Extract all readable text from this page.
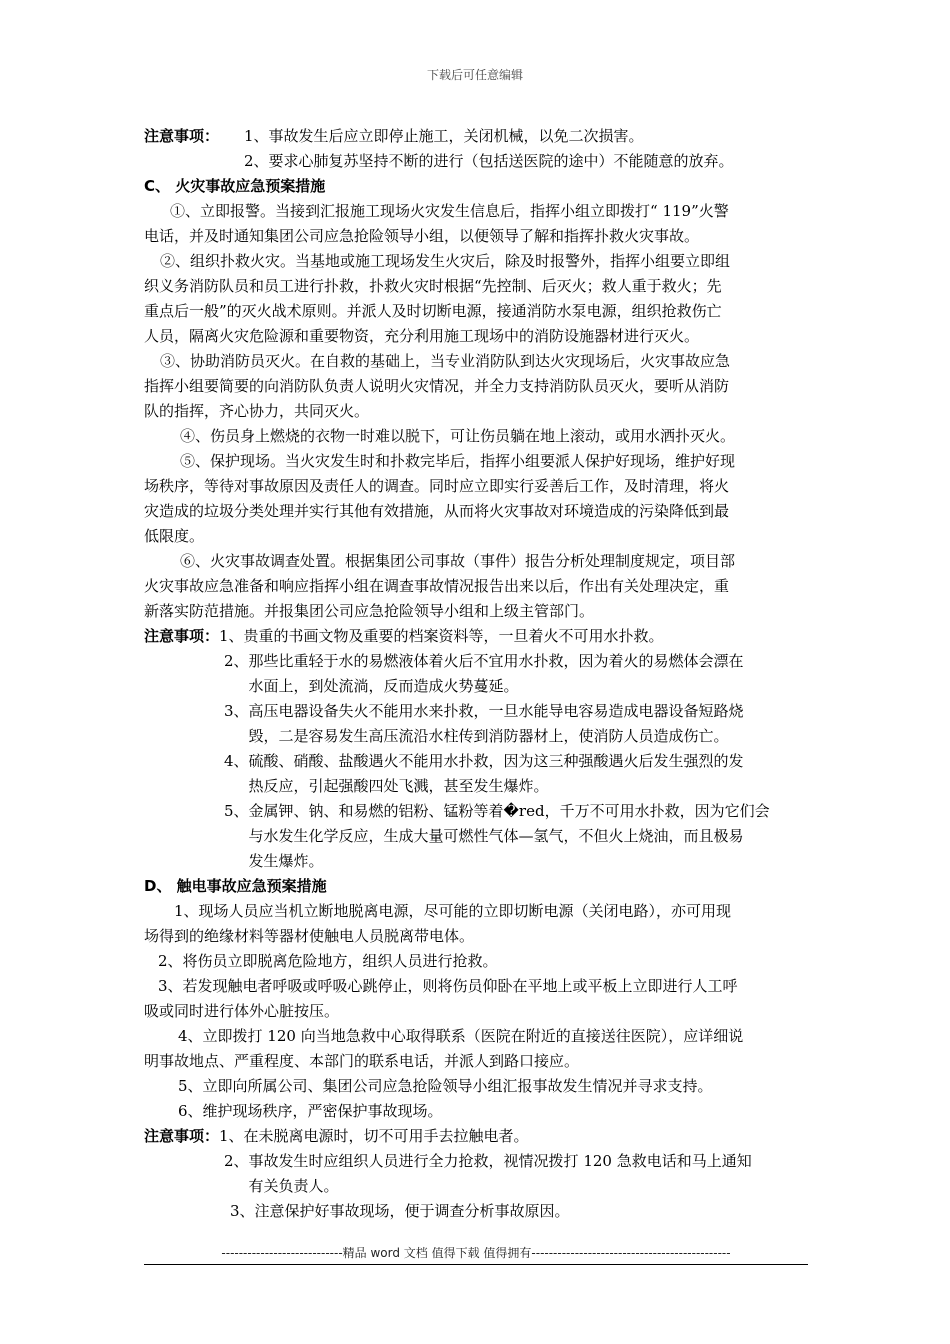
下载后可任意编辑
注意事项：	1、事故发生后应立即停止施工，关闭机械，以免二次损害。
2、要求心肺复苏坚持不断的进行（包括送医院的途中）不能随意的放弃。
C、 火灾事故应急预案措施
①、立即报警。当接到汇报施工现场火灾发生信息后，指挥小组立即拨打“ 119”火警
电话，并及时通知集团公司应急抢险领导小组，以便领导了解和指挥扑救火灾事故。
②、组织扑救火灾。当基地或施工现场发生火灾后，除及时报警外，指挥小组要立即组
织义务消防队员和员工进行扑救，扑救火灾时根据“先控制、后灭火；救人重于救火；先
重点后一般”的灭火战术原则。并派人及时切断电源，接通消防水泵电源，组织抢救伤亡
人员，隔离火灾危险源和重要物资，充分利用施工现场中的消防设施器材进行灭火。
③、协助消防员灭火。在自救的基础上，当专业消防队到达火灾现场后，火灾事故应急
指挥小组要简要的向消防队负责人说明火灾情况，并全力支持消防队员灭火，要听从消防
队的指挥，齐心协力，共同灭火。
④、伤员身上燃烧的衣物一时难以脱下，可让伤员躺在地上滚动，或用水洒扑灭火。
⑤、保护现场。当火灾发生时和扑救完毕后，指挥小组要派人保护好现场，维护好现
场秩序，等待对事故原因及责任人的调查。同时应立即实行妥善后工作，及时清理，将火
灾造成的垃圾分类处理并实行其他有效措施，从而将火灾事故对环境造成的污染降低到最
低限度。
⑥、火灾事故调查处置。根据集团公司事故（事件）报告分析处理制度规定，项目部
火灾事故应急准备和响应指挥小组在调查事故情况报告出来以后，作出有关处理决定，重
新落实防范措施。并报集团公司应急抢险领导小组和上级主管部门。
注意事项： 1、贵重的书画文物及重要的档案资料等，一旦着火不可用水扑救。
2、 那些比重轻于水的易燃液体着火后不宜用水扑救，因为着火的易燃体会漂在
水面上，到处流淌，反而造成火势蔓延。
3、 高压电器设备失火不能用水来扑救，一旦水能导电容易造成电器设备短路烧
毁，二是容易发生高压流沿水柱传到消防器材上，使消防人员造成伤亡。
4、 硫酸、硝酸、盐酸遇火不能用水扑救，因为这三种强酸遇火后发生强烈的发
热反应，引起强酸四处飞溅，甚至发生爆炸。
5、 金属钾、钠、和易燃的铝粉、锰粉等着�red，千万不可用水扑救，因为它们会
与水发生化学反应，生成大量可燃性气体—氢气，不但火上烧油，而且极易
发生爆炸。
D、 触电事故应急预案措施
1、现场人员应当机立断地脱离电源，尽可能的立即切断电源（关闭电路），亦可用现
场得到的绝缘材料等器材使触电人员脱离带电体。
2、将伤员立即脱离危险地方，组织人员进行抢救。
3、若发现触电者呼吸或呼吸心跳停止，则将伤员仰卧在平地上或平板上立即进行人工呼
吸或同时进行体外心脏按压。
4、立即拨打 120 向当地急救中心取得联系（医院在附近的直接送往医院），应详细说
明事故地点、严重程度、本部门的联系电话，并派人到路口接应。
5、立即向所属公司、集团公司应急抢险领导小组汇报事故发生情况并寻求支持。
6、维护现场秩序，严密保护事故现场。
注意事项： 1、在未脱离电源时，切不可用手去拉触电者。
2、 事故发生时应组织人员进行全力抢救，视情况拨打 120 急救电话和马上通知
有关负责人。
3、注意保护好事故现场，便于调查分析事故原因。
----------------------------精品 word 文档 值得下载 值得拥有----------------------------------------------
